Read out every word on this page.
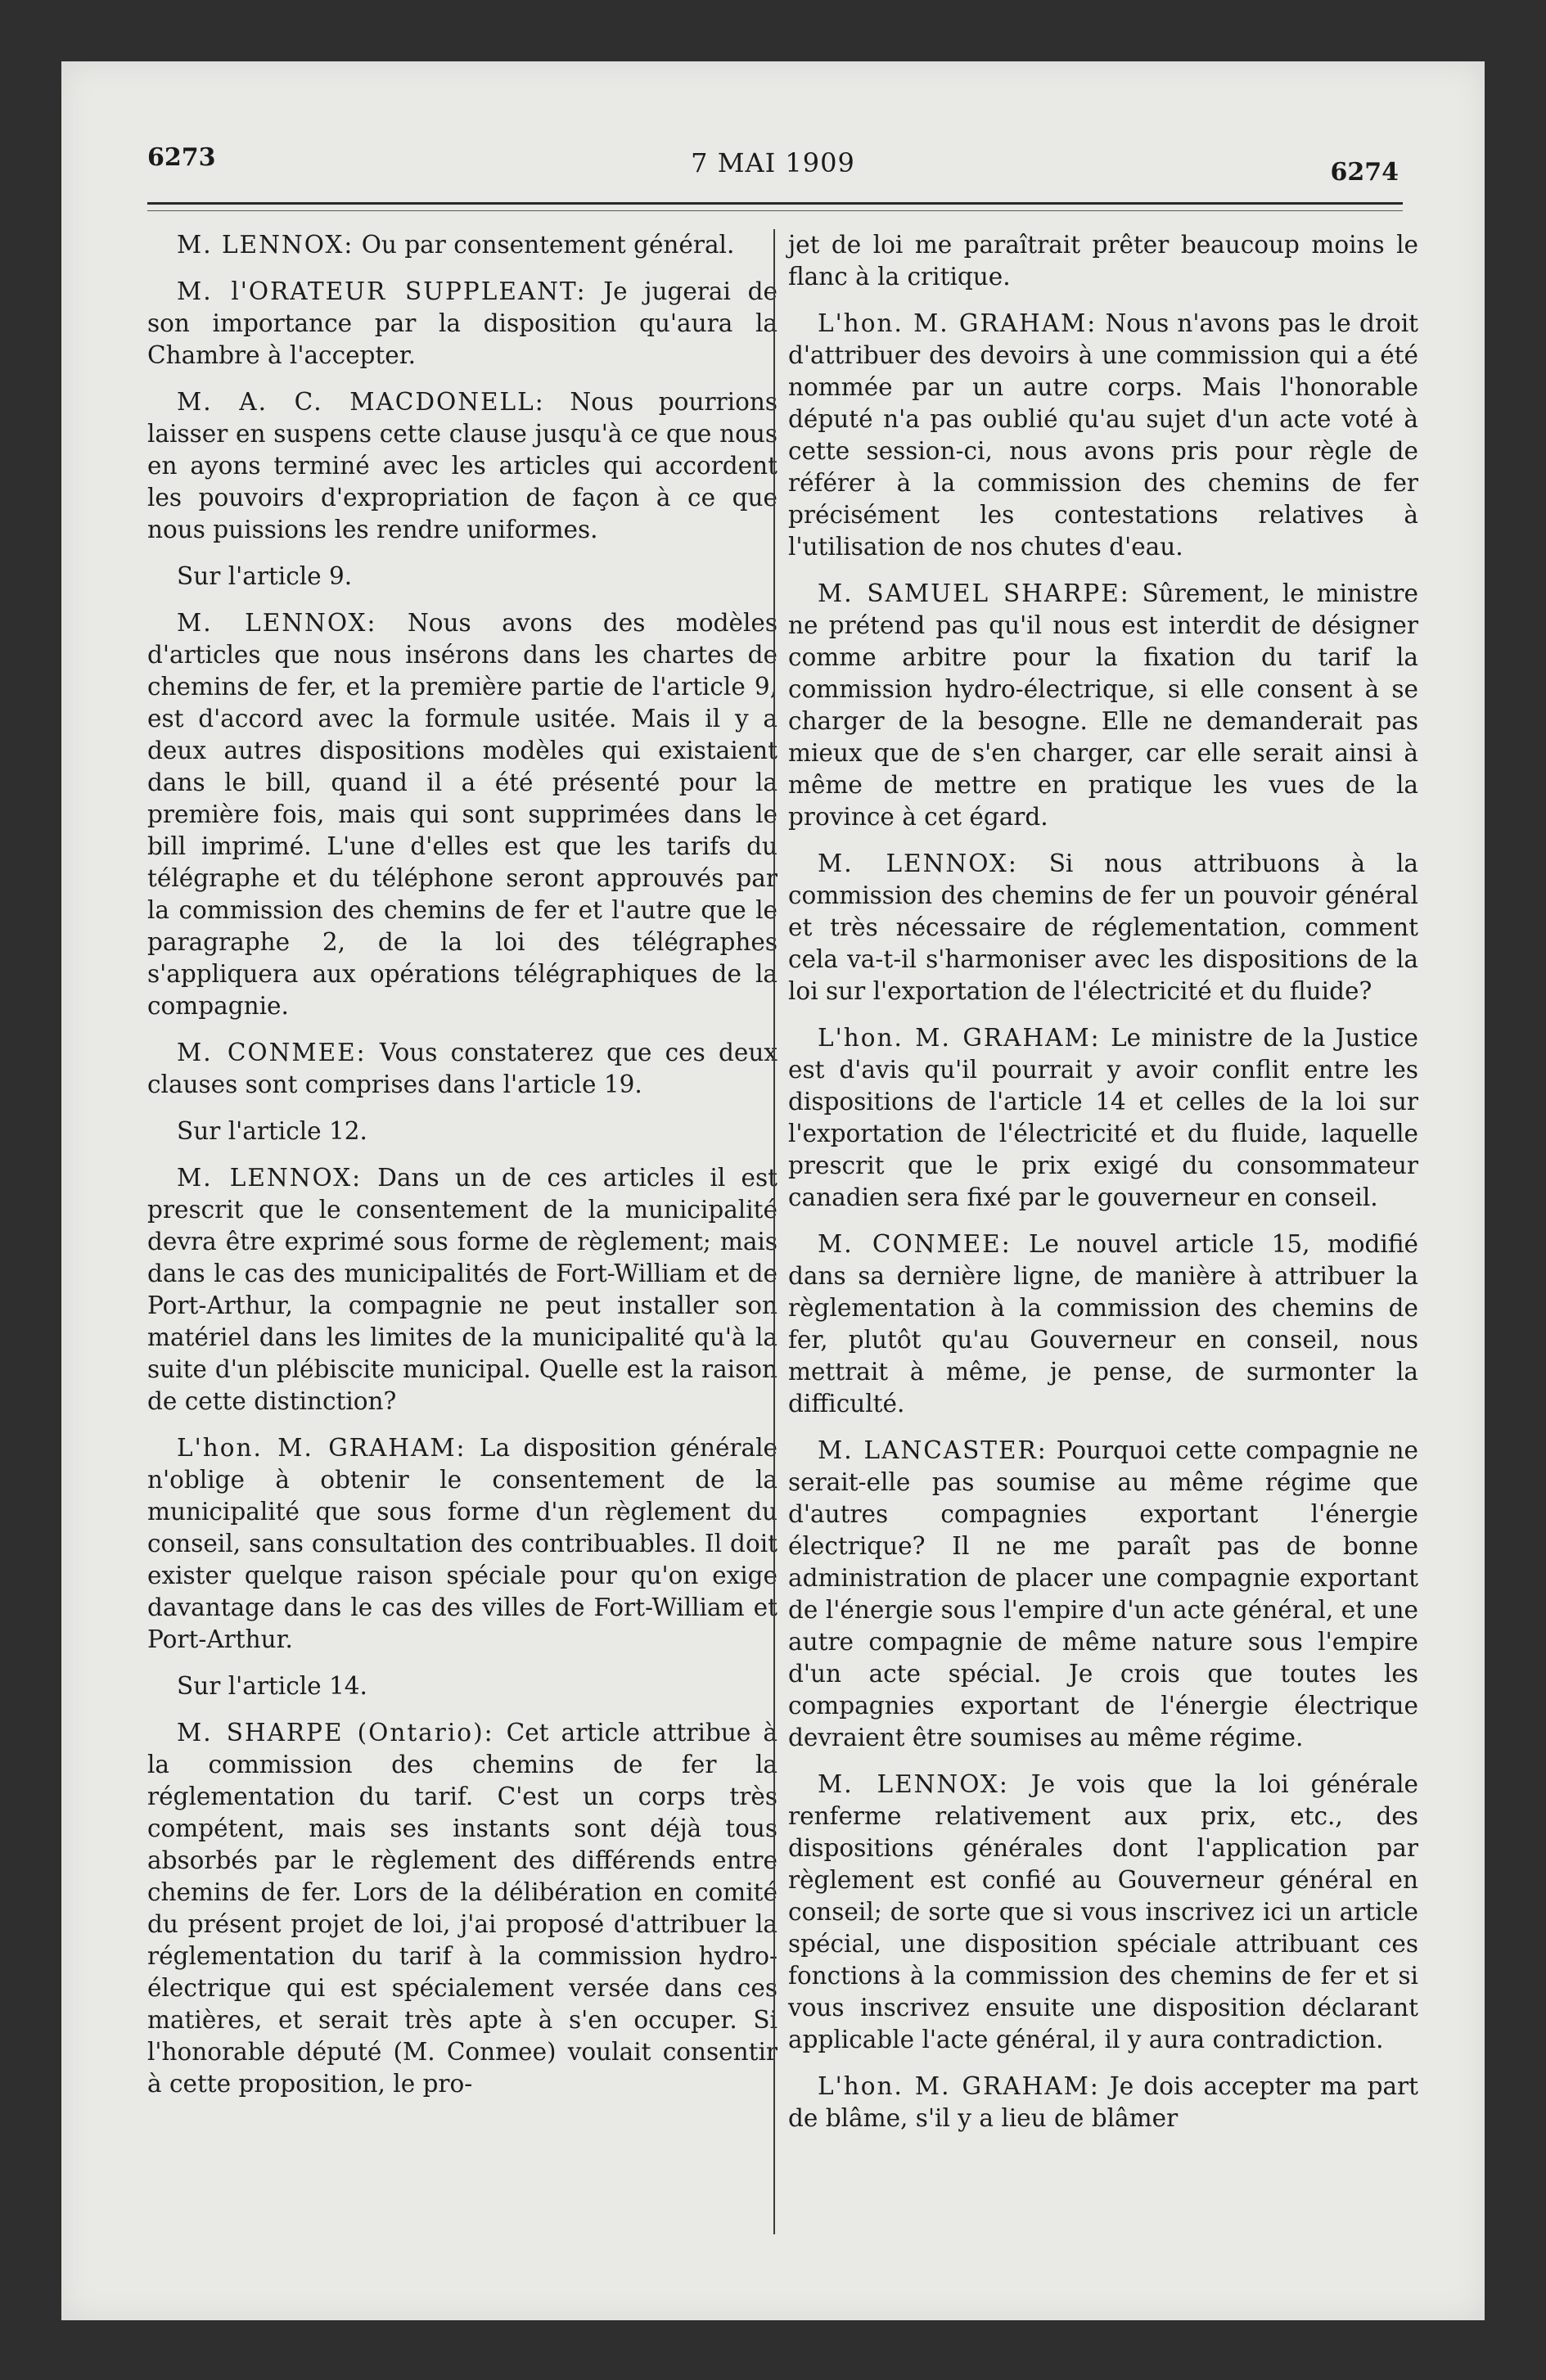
6273	7 MAI 1909	6274

M. LENNOX: Ou par consentement général.

M. l'ORATEUR SUPPLEANT: Je jugerai de son importance par la disposition qu'aura la Chambre à l'accepter.

M. A. C. MACDONELL: Nous pourrions laisser en suspens cette clause jusqu'à ce que nous en ayons terminé avec les articles qui accordent les pouvoirs d'expropriation de façon à ce que nous puissions les rendre uniformes.

Sur l'article 9.

M. LENNOX: Nous avons des modèles d'articles que nous insérons dans les chartes de chemins de fer, et la première partie de l'article 9, est d'accord avec la formule usitée. Mais il y a deux autres dispositions modèles qui existaient dans le bill, quand il a été présenté pour la première fois, mais qui sont supprimées dans le bill imprimé. L'une d'elles est que les tarifs du télégraphe et du téléphone seront approuvés par la commission des chemins de fer et l'autre que le paragraphe 2, de la loi des télégraphes s'appliquera aux opérations télégraphiques de la compagnie.

M. CONMEE: Vous constaterez que ces deux clauses sont comprises dans l'article 19.

Sur l'article 12.

M. LENNOX: Dans un de ces articles il est prescrit que le consentement de la municipalité devra être exprimé sous forme de règlement; mais dans le cas des municipalités de Fort-William et de Port-Arthur, la compagnie ne peut installer son matériel dans les limites de la municipalité qu'à la suite d'un plébiscite municipal. Quelle est la raison de cette distinction?

L'hon. M. GRAHAM: La disposition générale n'oblige à obtenir le consentement de la municipalité que sous forme d'un règlement du conseil, sans consultation des contribuables. Il doit exister quelque raison spéciale pour qu'on exige davantage dans le cas des villes de Fort-William et Port-Arthur.

Sur l'article 14.

M. SHARPE (Ontario): Cet article attribue à la commission des chemins de fer la réglementation du tarif. C'est un corps très compétent, mais ses instants sont déjà tous absorbés par le règlement des différends entre chemins de fer. Lors de la délibération en comité du présent projet de loi, j'ai proposé d'attribuer la réglementation du tarif à la commission hydro-électrique qui est spécialement versée dans ces matières, et serait très apte à s'en occuper. Si l'honorable député (M. Conmee) voulait consentir à cette proposition, le pro-

jet de loi me paraîtrait prêter beaucoup moins le flanc à la critique.

L'hon. M. GRAHAM: Nous n'avons pas le droit d'attribuer des devoirs à une commission qui a été nommée par un autre corps. Mais l'honorable député n'a pas oublié qu'au sujet d'un acte voté à cette session-ci, nous avons pris pour règle de référer à la commission des chemins de fer précisément les contestations relatives à l'utilisation de nos chutes d'eau.

M. SAMUEL SHARPE: Sûrement, le ministre ne prétend pas qu'il nous est interdit de désigner comme arbitre pour la fixation du tarif la commission hydro-électrique, si elle consent à se charger de la besogne. Elle ne demanderait pas mieux que de s'en charger, car elle serait ainsi à même de mettre en pratique les vues de la province à cet égard.

M. LENNOX: Si nous attribuons à la commission des chemins de fer un pouvoir général et très nécessaire de réglementation, comment cela va-t-il s'harmoniser avec les dispositions de la loi sur l'exportation de l'électricité et du fluide?

L'hon. M. GRAHAM: Le ministre de la Justice est d'avis qu'il pourrait y avoir conflit entre les dispositions de l'article 14 et celles de la loi sur l'exportation de l'électricité et du fluide, laquelle prescrit que le prix exigé du consommateur canadien sera fixé par le gouverneur en conseil.

M. CONMEE: Le nouvel article 15, modifié dans sa dernière ligne, de manière à attribuer la règlementation à la commission des chemins de fer, plutôt qu'au Gouverneur en conseil, nous mettrait à même, je pense, de surmonter la difficulté.

M. LANCASTER: Pourquoi cette compagnie ne serait-elle pas soumise au même régime que d'autres compagnies exportant l'énergie électrique? Il ne me paraît pas de bonne administration de placer une compagnie exportant de l'énergie sous l'empire d'un acte général, et une autre compagnie de même nature sous l'empire d'un acte spécial. Je crois que toutes les compagnies exportant de l'énergie électrique devraient être soumises au même régime.

M. LENNOX: Je vois que la loi générale renferme relativement aux prix, etc., des dispositions générales dont l'application par règlement est confié au Gouverneur général en conseil; de sorte que si vous inscrivez ici un article spécial, une disposition spéciale attribuant ces fonctions à la commission des chemins de fer et si vous inscrivez ensuite une disposition déclarant applicable l'acte général, il y aura contradiction.

L'hon. M. GRAHAM: Je dois accepter ma part de blâme, s'il y a lieu de blâmer
